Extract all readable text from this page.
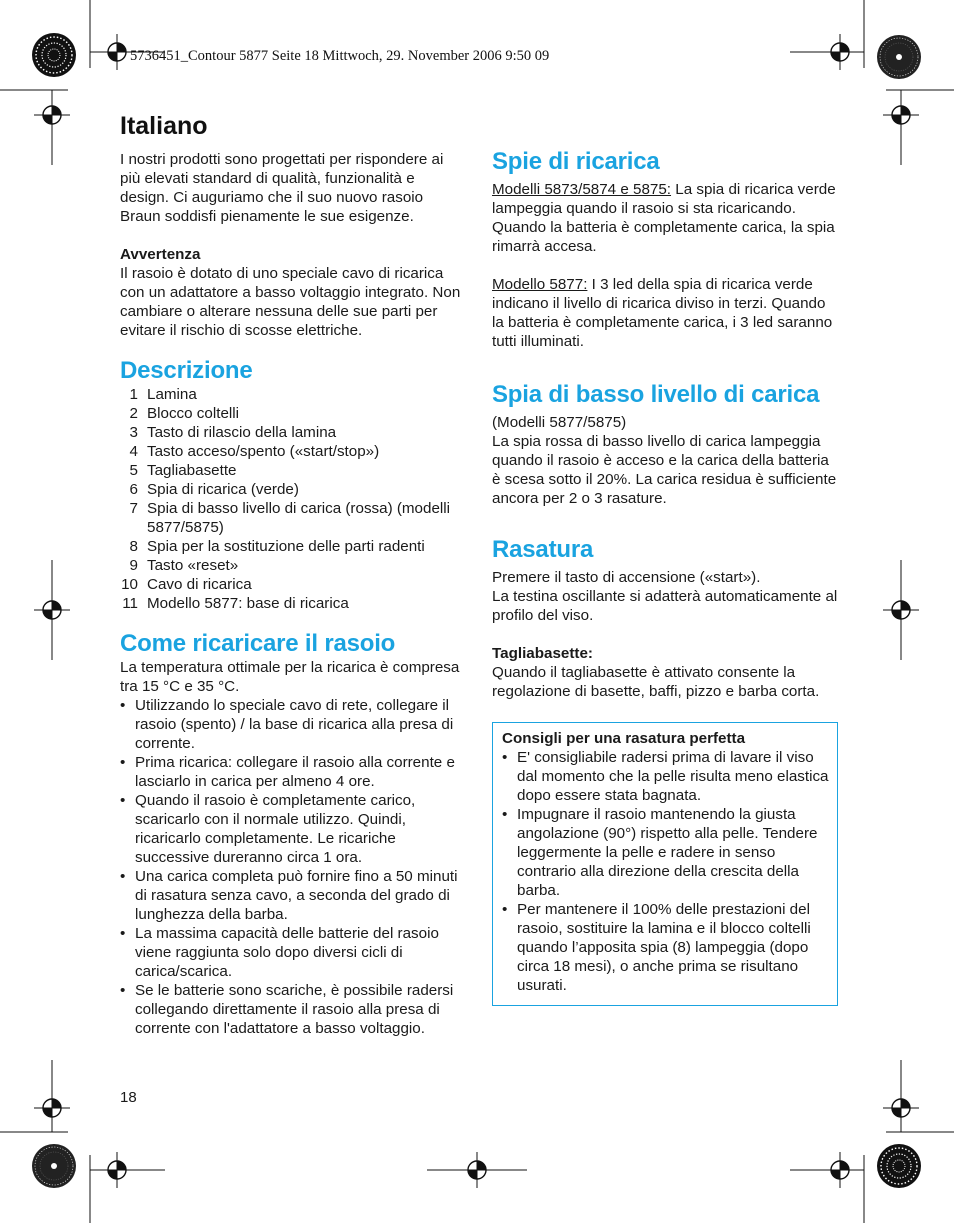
5736451_Contour 5877 Seite 18 Mittwoch, 29. November 2006 9:50 09
Italiano

I nostri prodotti sono progettati per rispondere ai più elevati standard di qualità, funzionalità e design. Ci auguriamo che il suo nuovo rasoio Braun soddisfi pienamente le sue esigenze.

Avvertenza

Il rasoio è dotato di uno speciale cavo di ricarica con un adattatore a basso voltaggio integrato. Non cambiare o alterare nessuna delle sue parti per evitare il rischio di scosse elettriche.

Descrizione
1 Lamina
2 Blocco coltelli
3 Tasto di rilascio della lamina
4 Tasto acceso/spento («start/stop»)
5 Tagliabasette
6 Spia di ricarica (verde)
7 Spia di basso livello di carica (rossa) (modelli 5877/5875)
8 Spia per la sostituzione delle parti radenti
9 Tasto «reset»
10 Cavo di ricarica
11 Modello 5877: base di ricarica
Come ricaricare il rasoio

La temperatura ottimale per la ricarica è compresa tra 15 °C e 35 °C.

• Utilizzando lo speciale cavo di rete, collegare il rasoio (spento) / la base di ricarica alla presa di corrente.
• Prima ricarica: collegare il rasoio alla corrente e lasciarlo in carica per almeno 4 ore.
• Quando il rasoio è completamente carico, scaricarlo con il normale utilizzo. Quindi, ricaricarlo completamente. Le ricariche successive dureranno circa 1 ora.
• Una carica completa può fornire fino a 50 minuti di rasatura senza cavo, a seconda del grado di lunghezza della barba.
• La massima capacità delle batterie del rasoio viene raggiunta solo dopo diversi cicli di carica/scarica.
• Se le batterie sono scariche, è possibile radersi collegando direttamente il rasoio alla presa di corrente con l'adattatore a basso voltaggio.
Spie di ricarica

Modelli 5873/5874 e 5875: La spia di ricarica verde lampeggia quando il rasoio si sta ricaricando. Quando la batteria è completamente carica, la spia rimarrà accesa.

Modello 5877: I 3 led della spia di ricarica verde indicano il livello di ricarica diviso in terzi. Quando la batteria è completamente carica, i 3 led saranno tutti illuminati.

Spia di basso livello di carica

(Modelli 5877/5875)

La spia rossa di basso livello di carica lampeggia quando il rasoio è acceso e la carica della batteria è scesa sotto il 20%. La carica residua è sufficiente ancora per 2 o 3 rasature.

Rasatura

Premere il tasto di accensione («start»).

La testina oscillante si adatterà automaticamente al profilo del viso.

Tagliabasette:

Quando il tagliabasette è attivato consente la regolazione di basette, baffi, pizzo e barba corta.

Consigli per una rasatura perfetta

• E' consigliabile radersi prima di lavare il viso dal momento che la pelle risulta meno elastica dopo essere stata bagnata.
• Impugnare il rasoio mantenendo la giusta angolazione (90°) rispetto alla pelle. Tendere leggermente la pelle e radere in senso contrario alla direzione della crescita della barba.
• Per mantenere il 100% delle prestazioni del rasoio, sostituire la lamina e il blocco coltelli quando l’apposita spia (8) lampeggia (dopo circa 18 mesi), o anche prima se risultano usurati.
18
